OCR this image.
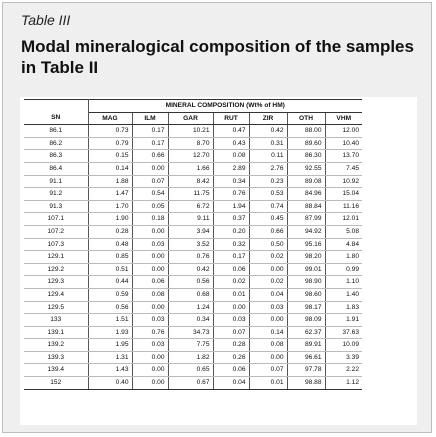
Table III
Modal mineralogical composition of the samples in Table II
	MINERAL COMPOSITION (Wt% of HM)						
SN	MAG	ILM	GAR	RUT	ZIR	OTH	VHM
86.1	0.73	0.17	10.21	0.47	0.42	88.00	12.00
86.2	0.79	0.17	8.70	0.43	0.31	89.60	10.40
86.3	0.15	0.66	12.70	0.08	0.11	86.30	13.70
86.4	0.14	0.00	1.66	2.89	2.76	92.55	7.45
91.1	1.88	0.07	8.42	0.34	0.23	89.08	10.92
91.2	1.47	0.54	11.75	0.76	0.53	84.96	15.04
91.3	1.70	0.05	6.72	1.94	0.74	88.84	11.16
107.1	1.90	0.18	9.11	0.37	0.45	87.99	12.01
107.2	0.28	0.00	3.94	0.20	0.66	94.92	5.08
107.3	0.48	0.03	3.52	0.32	0.50	95.16	4.84
129.1	0.85	0.00	0.76	0.17	0.02	98.20	1.80
129.2	0.51	0.00	0.42	0.06	0.00	99.01	0.99
129.3	0.44	0.06	0.56	0.02	0.02	98.90	1.10
129.4	0.59	0.08	0.68	0.01	0.04	98.60	1.40
129.5	0.56	0.00	1.24	0.00	0.03	98.17	1.83
133	1.51	0.03	0.34	0.03	0.00	98.09	1.91
139.1	1.93	0.76	34.73	0.07	0.14	62.37	37.63
139.2	1.95	0.03	7.75	0.28	0.08	89.91	10.09
139.3	1.31	0.00	1.82	0.26	0.00	96.61	3.39
139.4	1.43	0.00	0.65	0.06	0.07	97.78	2.22
152	0.40	0.00	0.67	0.04	0.01	98.88	1.12
